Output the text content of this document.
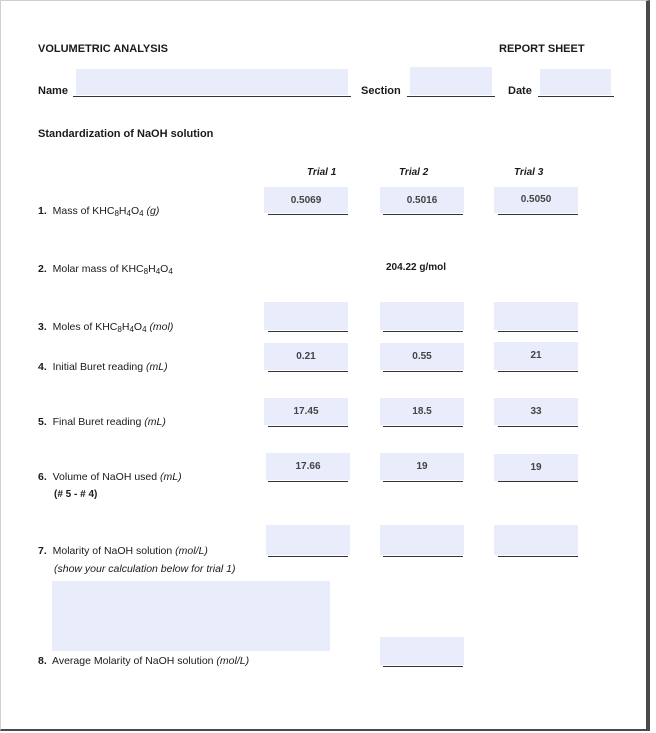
VOLUMETRIC ANALYSIS	REPORT SHEET
Name	Section	Date
Standardization of NaOH solution
Trial 1	Trial 2	Trial 3
1. Mass of $KHC_8H_4O_4$ (g)
0.5069	0.5016	0.5050
2. Molar mass of $KHC_8H_4O_4$	204.22 g/mol
3. Moles of $KHC_8H_4O_4$ (mol)
4. Initial Buret reading (mL)
0.21	0.55	21
5. Final Buret reading (mL)
17.45	18.5	33
6. Volume of NaOH used (mL)
(# 5 - # 4)
17.66	19	19
7. Molarity of NaOH solution (mol/L)
(show your calculation below for trial 1)
8. Average Molarity of NaOH solution (mol/L)
